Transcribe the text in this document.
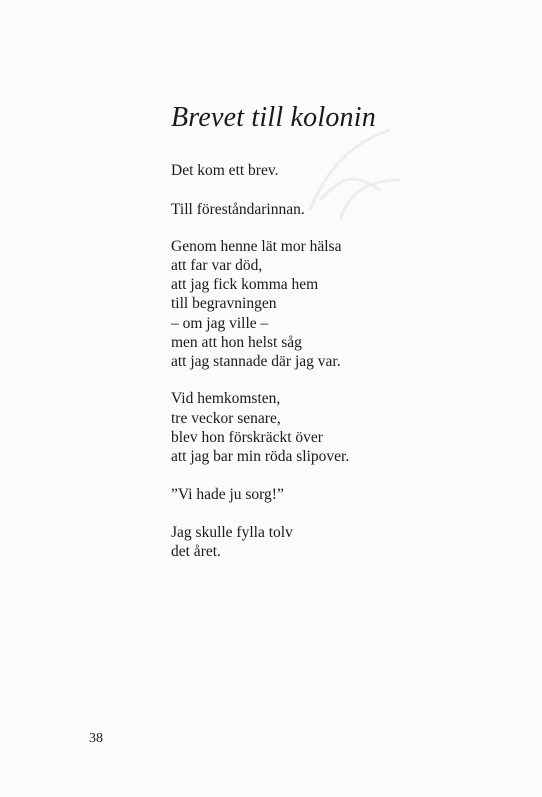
Brevet till kolonin
Det kom ett brev.
Till föreståndarinnan.
Genom henne lät mor hälsa
att far var död,
att jag fick komma hem
till begravningen
– om jag ville –
men att hon helst såg
att jag stannade där jag var.
Vid hemkomsten,
tre veckor senare,
blev hon förskräckt över
att jag bar min röda slipover.
”Vi hade ju sorg!”
Jag skulle fylla tolv
det året.
38
